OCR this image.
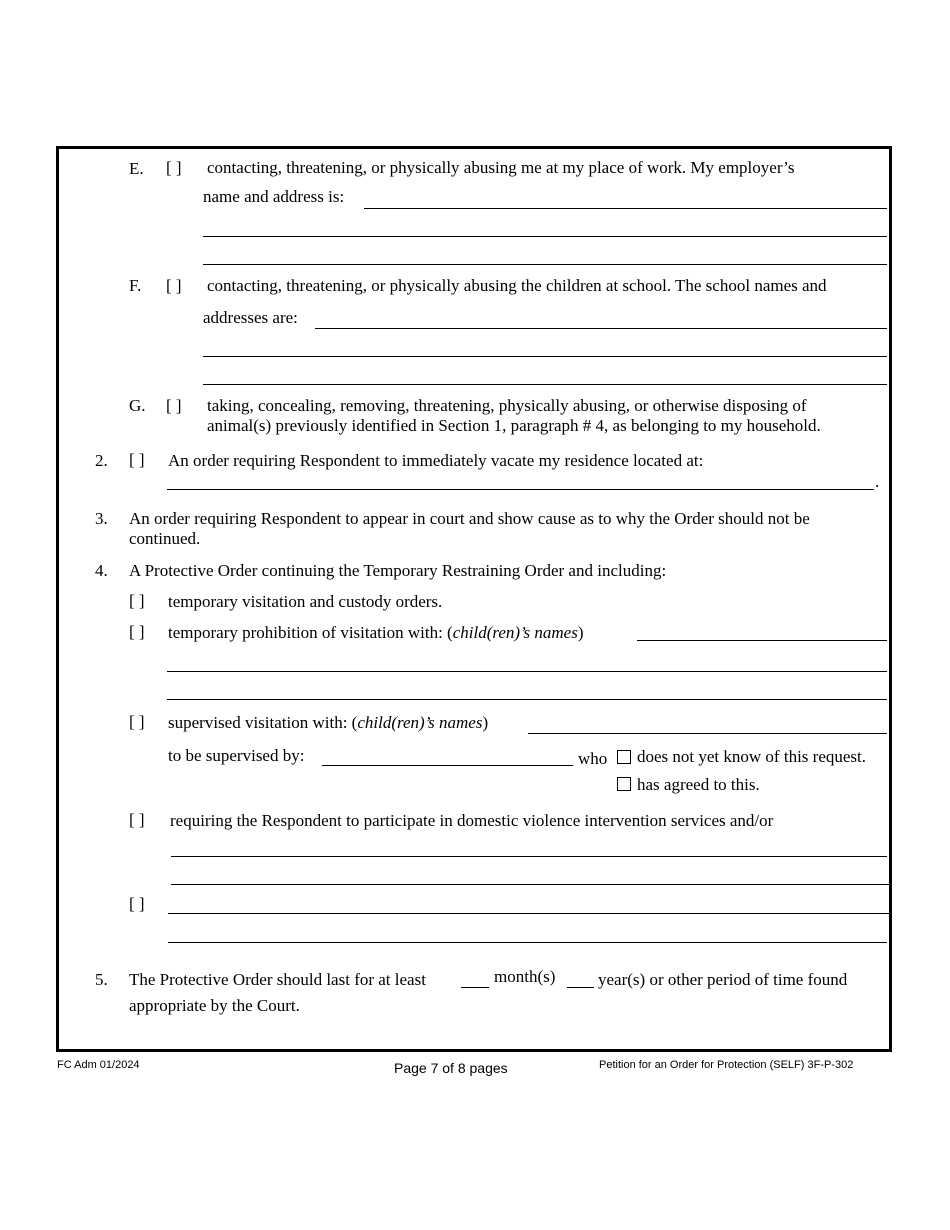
E. [ ] contacting, threatening, or physically abusing me at my place of work. My employer’s
name and address is:
F. [ ] contacting, threatening, or physically abusing the children at school. The school names and
addresses are:
G. [ ] taking, concealing, removing, threatening, physically abusing, or otherwise disposing of
animal(s) previously identified in Section 1, paragraph # 4, as belonging to my household.
2. [ ] An order requiring Respondent to immediately vacate my residence located at:
.
3. An order requiring Respondent to appear in court and show cause as to why the Order should not be
continued.
4. A Protective Order continuing the Temporary Restraining Order and including:
[ ] temporary visitation and custody orders.
[ ] temporary prohibition of visitation with: (child(ren)’s names)
[ ] supervised visitation with: (child(ren)’s names)
to be supervised by:	who does not yet know of this request.
has agreed to this.
[ ] requiring the Respondent to participate in domestic violence intervention services and/or
[ ]
5. The Protective Order should last for at least	month(s)	year(s) or other period of time found
appropriate by the Court.
FC Adm 01/2024	Page 7 of 8 pages	Petition for an Order for Protection (SELF) 3F-P-302
